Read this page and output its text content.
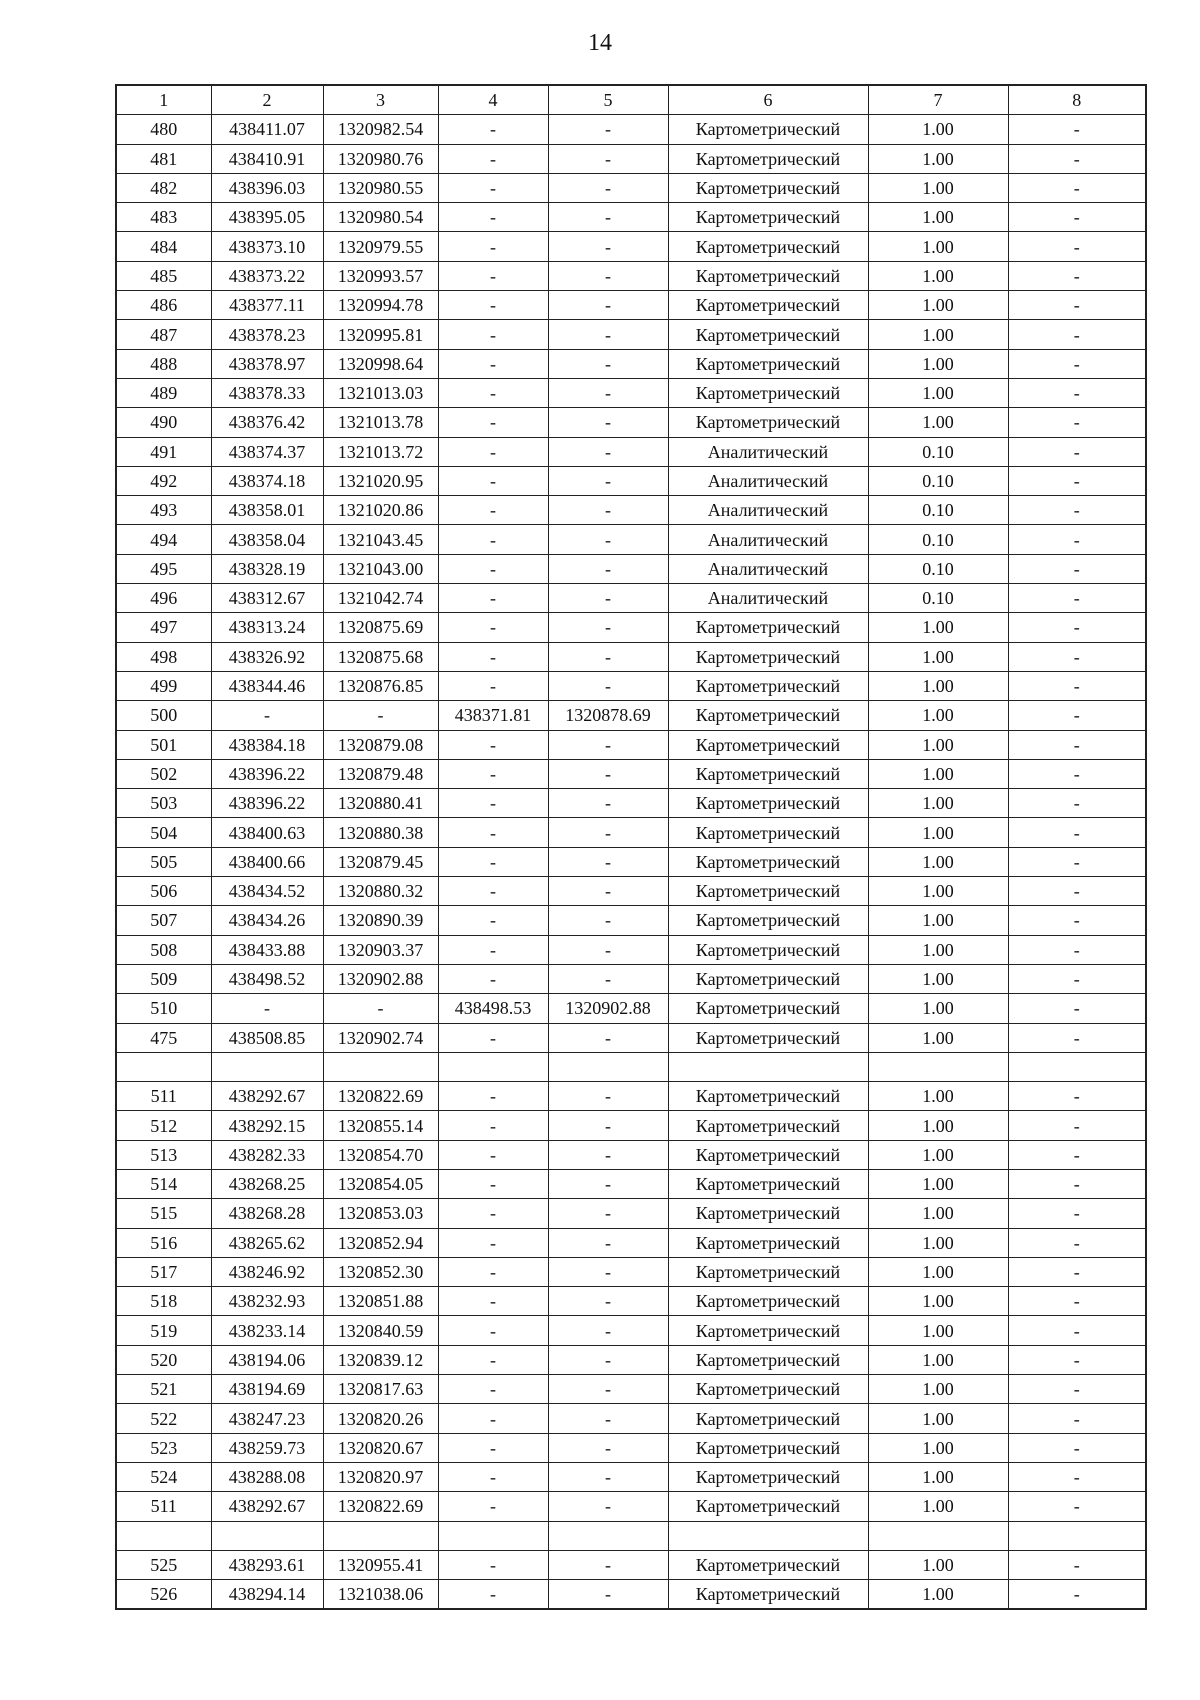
14
1	2	3	4	5	6	7	8
480	438411.07	1320982.54	-	-	Картометрический	1.00	-
481	438410.91	1320980.76	-	-	Картометрический	1.00	-
482	438396.03	1320980.55	-	-	Картометрический	1.00	-
483	438395.05	1320980.54	-	-	Картометрический	1.00	-
484	438373.10	1320979.55	-	-	Картометрический	1.00	-
485	438373.22	1320993.57	-	-	Картометрический	1.00	-
486	438377.11	1320994.78	-	-	Картометрический	1.00	-
487	438378.23	1320995.81	-	-	Картометрический	1.00	-
488	438378.97	1320998.64	-	-	Картометрический	1.00	-
489	438378.33	1321013.03	-	-	Картометрический	1.00	-
490	438376.42	1321013.78	-	-	Картометрический	1.00	-
491	438374.37	1321013.72	-	-	Аналитический	0.10	-
492	438374.18	1321020.95	-	-	Аналитический	0.10	-
493	438358.01	1321020.86	-	-	Аналитический	0.10	-
494	438358.04	1321043.45	-	-	Аналитический	0.10	-
495	438328.19	1321043.00	-	-	Аналитический	0.10	-
496	438312.67	1321042.74	-	-	Аналитический	0.10	-
497	438313.24	1320875.69	-	-	Картометрический	1.00	-
498	438326.92	1320875.68	-	-	Картометрический	1.00	-
499	438344.46	1320876.85	-	-	Картометрический	1.00	-
500	-	-	438371.81	1320878.69	Картометрический	1.00	-
501	438384.18	1320879.08	-	-	Картометрический	1.00	-
502	438396.22	1320879.48	-	-	Картометрический	1.00	-
503	438396.22	1320880.41	-	-	Картометрический	1.00	-
504	438400.63	1320880.38	-	-	Картометрический	1.00	-
505	438400.66	1320879.45	-	-	Картометрический	1.00	-
506	438434.52	1320880.32	-	-	Картометрический	1.00	-
507	438434.26	1320890.39	-	-	Картометрический	1.00	-
508	438433.88	1320903.37	-	-	Картометрический	1.00	-
509	438498.52	1320902.88	-	-	Картометрический	1.00	-
510	-	-	438498.53	1320902.88	Картометрический	1.00	-
475	438508.85	1320902.74	-	-	Картометрический	1.00	-

511	438292.67	1320822.69	-	-	Картометрический	1.00	-
512	438292.15	1320855.14	-	-	Картометрический	1.00	-
513	438282.33	1320854.70	-	-	Картометрический	1.00	-
514	438268.25	1320854.05	-	-	Картометрический	1.00	-
515	438268.28	1320853.03	-	-	Картометрический	1.00	-
516	438265.62	1320852.94	-	-	Картометрический	1.00	-
517	438246.92	1320852.30	-	-	Картометрический	1.00	-
518	438232.93	1320851.88	-	-	Картометрический	1.00	-
519	438233.14	1320840.59	-	-	Картометрический	1.00	-
520	438194.06	1320839.12	-	-	Картометрический	1.00	-
521	438194.69	1320817.63	-	-	Картометрический	1.00	-
522	438247.23	1320820.26	-	-	Картометрический	1.00	-
523	438259.73	1320820.67	-	-	Картометрический	1.00	-
524	438288.08	1320820.97	-	-	Картометрический	1.00	-
511	438292.67	1320822.69	-	-	Картометрический	1.00	-

525	438293.61	1320955.41	-	-	Картометрический	1.00	-
526	438294.14	1321038.06	-	-	Картометрический	1.00	-
